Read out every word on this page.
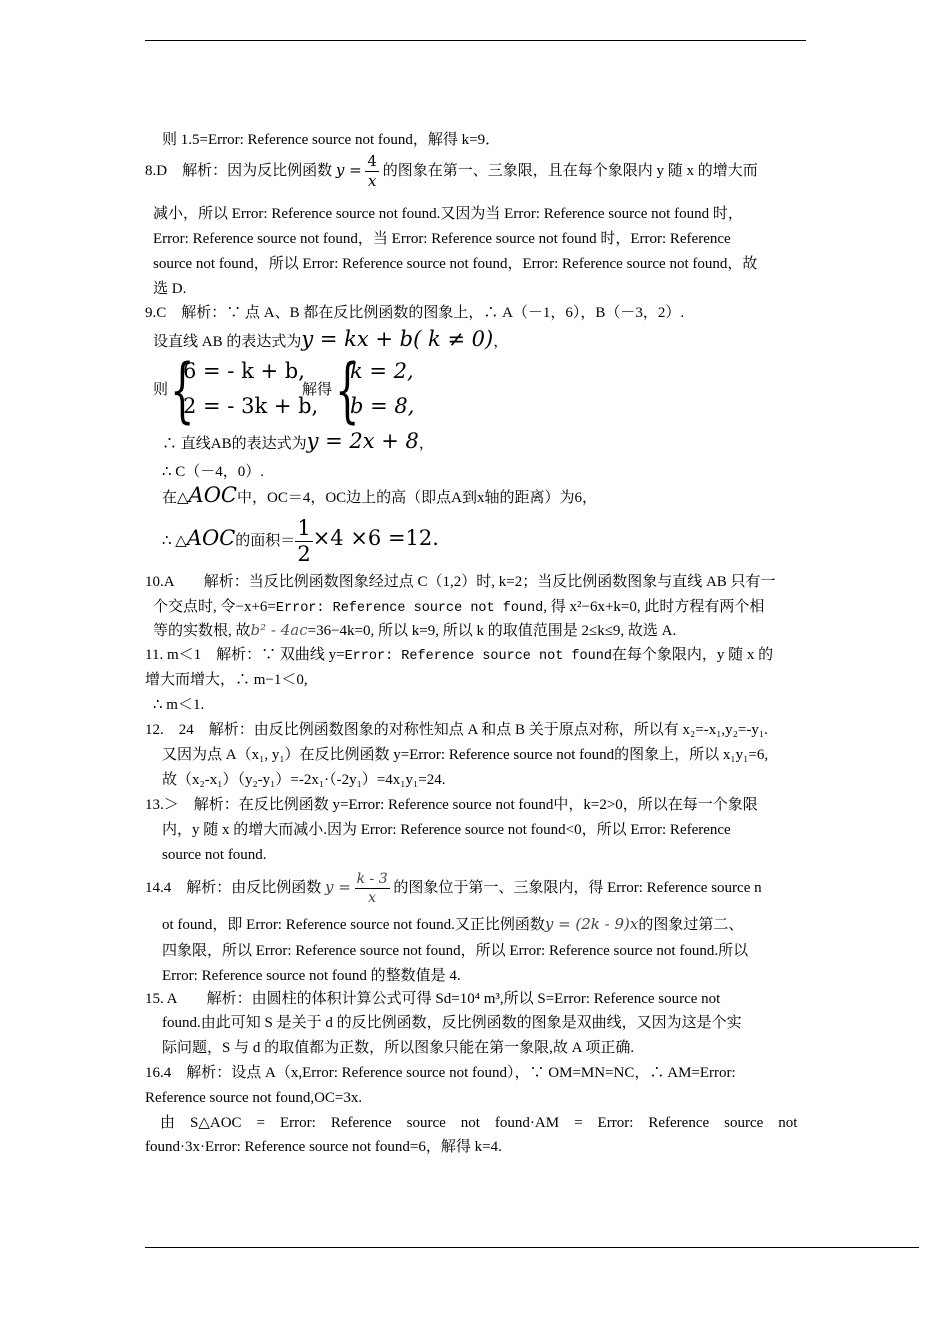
则 1.5=Error: Reference source not found，解得 k=9．
8.D　解析：因为反比例函数 $y = \frac{4}{x}$ 的图象在第一、三象限，且在每个象限内 y 随 x 的增大而
减小，所以 Error: Reference source not found.又因为当 Error: Reference source not found 时，
Error: Reference source not found，当 Error: Reference source not found 时，Error: Reference
source not found，所以 Error: Reference source not found，Error: Reference source not found，故
选 D.
9.C　解析：∵ 点 A、B 都在反比例函数的图象上，∴ A（－1，6），B（－3，2）.
设直线 AB 的表达式为y = kx + b( k ≠ 0)，
则 {
6 = - k + b,
2 = - 3k + b,
解得 {
k = 2,
b = 8,
∴ 直线AB的表达式为y = 2x + 8，
∴ C（－4，0）.
在△AOC中，OC＝4，OC边上的高（即点A到x轴的距离）为6，
∴ △AOC的面积＝ $\frac{1}{2} \times 4 \times 6 =12$.
10.A　　解析：当反比例函数图象经过点 C（1,2）时, k=2；当反比例函数图象与直线 AB 只有一
个交点时, 令−x+6=Error: Reference source not found, 得 x²−6x+k=0, 此时方程有两个相
等的实数根, 故b² - 4ac=36−4k=0, 所以 k=9, 所以 k 的取值范围是 2≤k≤9, 故选 A.
11. m＜1　解析：∵ 双曲线 y=Error: Reference source not found在每个象限内，y 随 x 的
增大而增大，∴ m−1＜0,
∴ m＜1.
12.　24　解析：由反比例函数图象的对称性知点 A 和点 B 关于原点对称，所以有 x₂=-x₁,y₂=-y₁.
又因为点 A（x₁, y₁）在反比例函数 y=Error: Reference source not found的图象上，所以 x₁y₁=6,
故（x₂-x₁）（y₂-y₁）=-2x₁·（-2y₁）=4x₁y₁=24.
13.＞　解析：在反比例函数 y=Error: Reference source not found中，k=2>0，所以在每一个象限
内，y 随 x 的增大而减小.因为 Error: Reference source not found<0，所以 Error: Reference
source not found.
14.4　解析：由反比例函数 $y = \frac{k - 3}{x}$ 的图象位于第一、三象限内，得 Error: Reference source n
ot found，即 Error: Reference source not found.又正比例函数y = (2k - 9)x的图象过第二、
四象限，所以 Error: Reference source not found，所以 Error: Reference source not found.所以
Error: Reference source not found 的整数值是 4.
15. A　　解析：由圆柱的体积计算公式可得 Sd=10⁴ m³,所以 S=Error: Reference source not
found.由此可知 S 是关于 d 的反比例函数，反比例函数的图象是双曲线，又因为这是个实
际问题，S 与 d 的取值都为正数，所以图象只能在第一象限,故 A 项正确.
16.4　解析：设点 A（x,Error: Reference source not found），∵ OM=MN=NC，∴ AM=Error:
Reference source not found,OC=3x.
　由　S△AOC　=　Error:　Reference　source　not　found·AM　=　Error:　Reference　source　not
found·3x·Error: Reference source not found=6，解得 k=4.
